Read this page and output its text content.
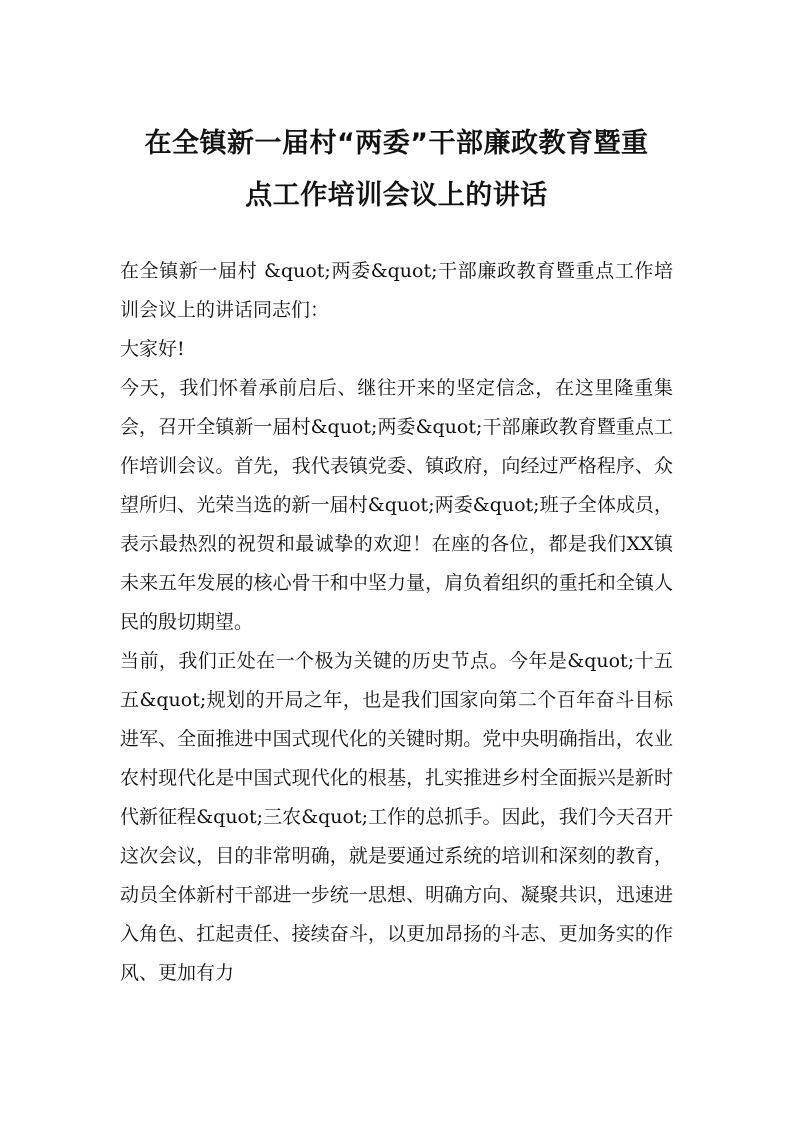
在全镇新一届村“两委”干部廉政教育暨重
点工作培训会议上的讲话

在全镇新一届村 &quot;两委&quot;干部廉政教育暨重点工作培训会议上的讲话同志们：

大家好!

今天，我们怀着承前启后、继往开来的坚定信念，在这里隆重集会，召开全镇新一届村&quot;两委&quot;干部廉政教育暨重点工作培训会议。首先，我代表镇党委、镇政府，向经过严格程序、众望所归、光荣当选的新一届村&quot;两委&quot;班子全体成员，表示最热烈的祝贺和最诚挚的欢迎！在座的各位，都是我们XX镇未来五年发展的核心骨干和中坚力量，肩负着组织的重托和全镇人民的殷切期望。

当前，我们正处在一个极为关键的历史节点。今年是&quot;十五五&quot;规划的开局之年，也是我们国家向第二个百年奋斗目标进军、全面推进中国式现代化的关键时期。党中央明确指出，农业农村现代化是中国式现代化的根基，扎实推进乡村全面振兴是新时代新征程&quot;三农&quot;工作的总抓手。因此，我们今天召开这次会议，目的非常明确，就是要通过系统的培训和深刻的教育，动员全体新村干部进一步统一思想、明确方向、凝聚共识，迅速进入角色、扛起责任、接续奋斗，以更加昂扬的斗志、更加务实的作风、更加有力
